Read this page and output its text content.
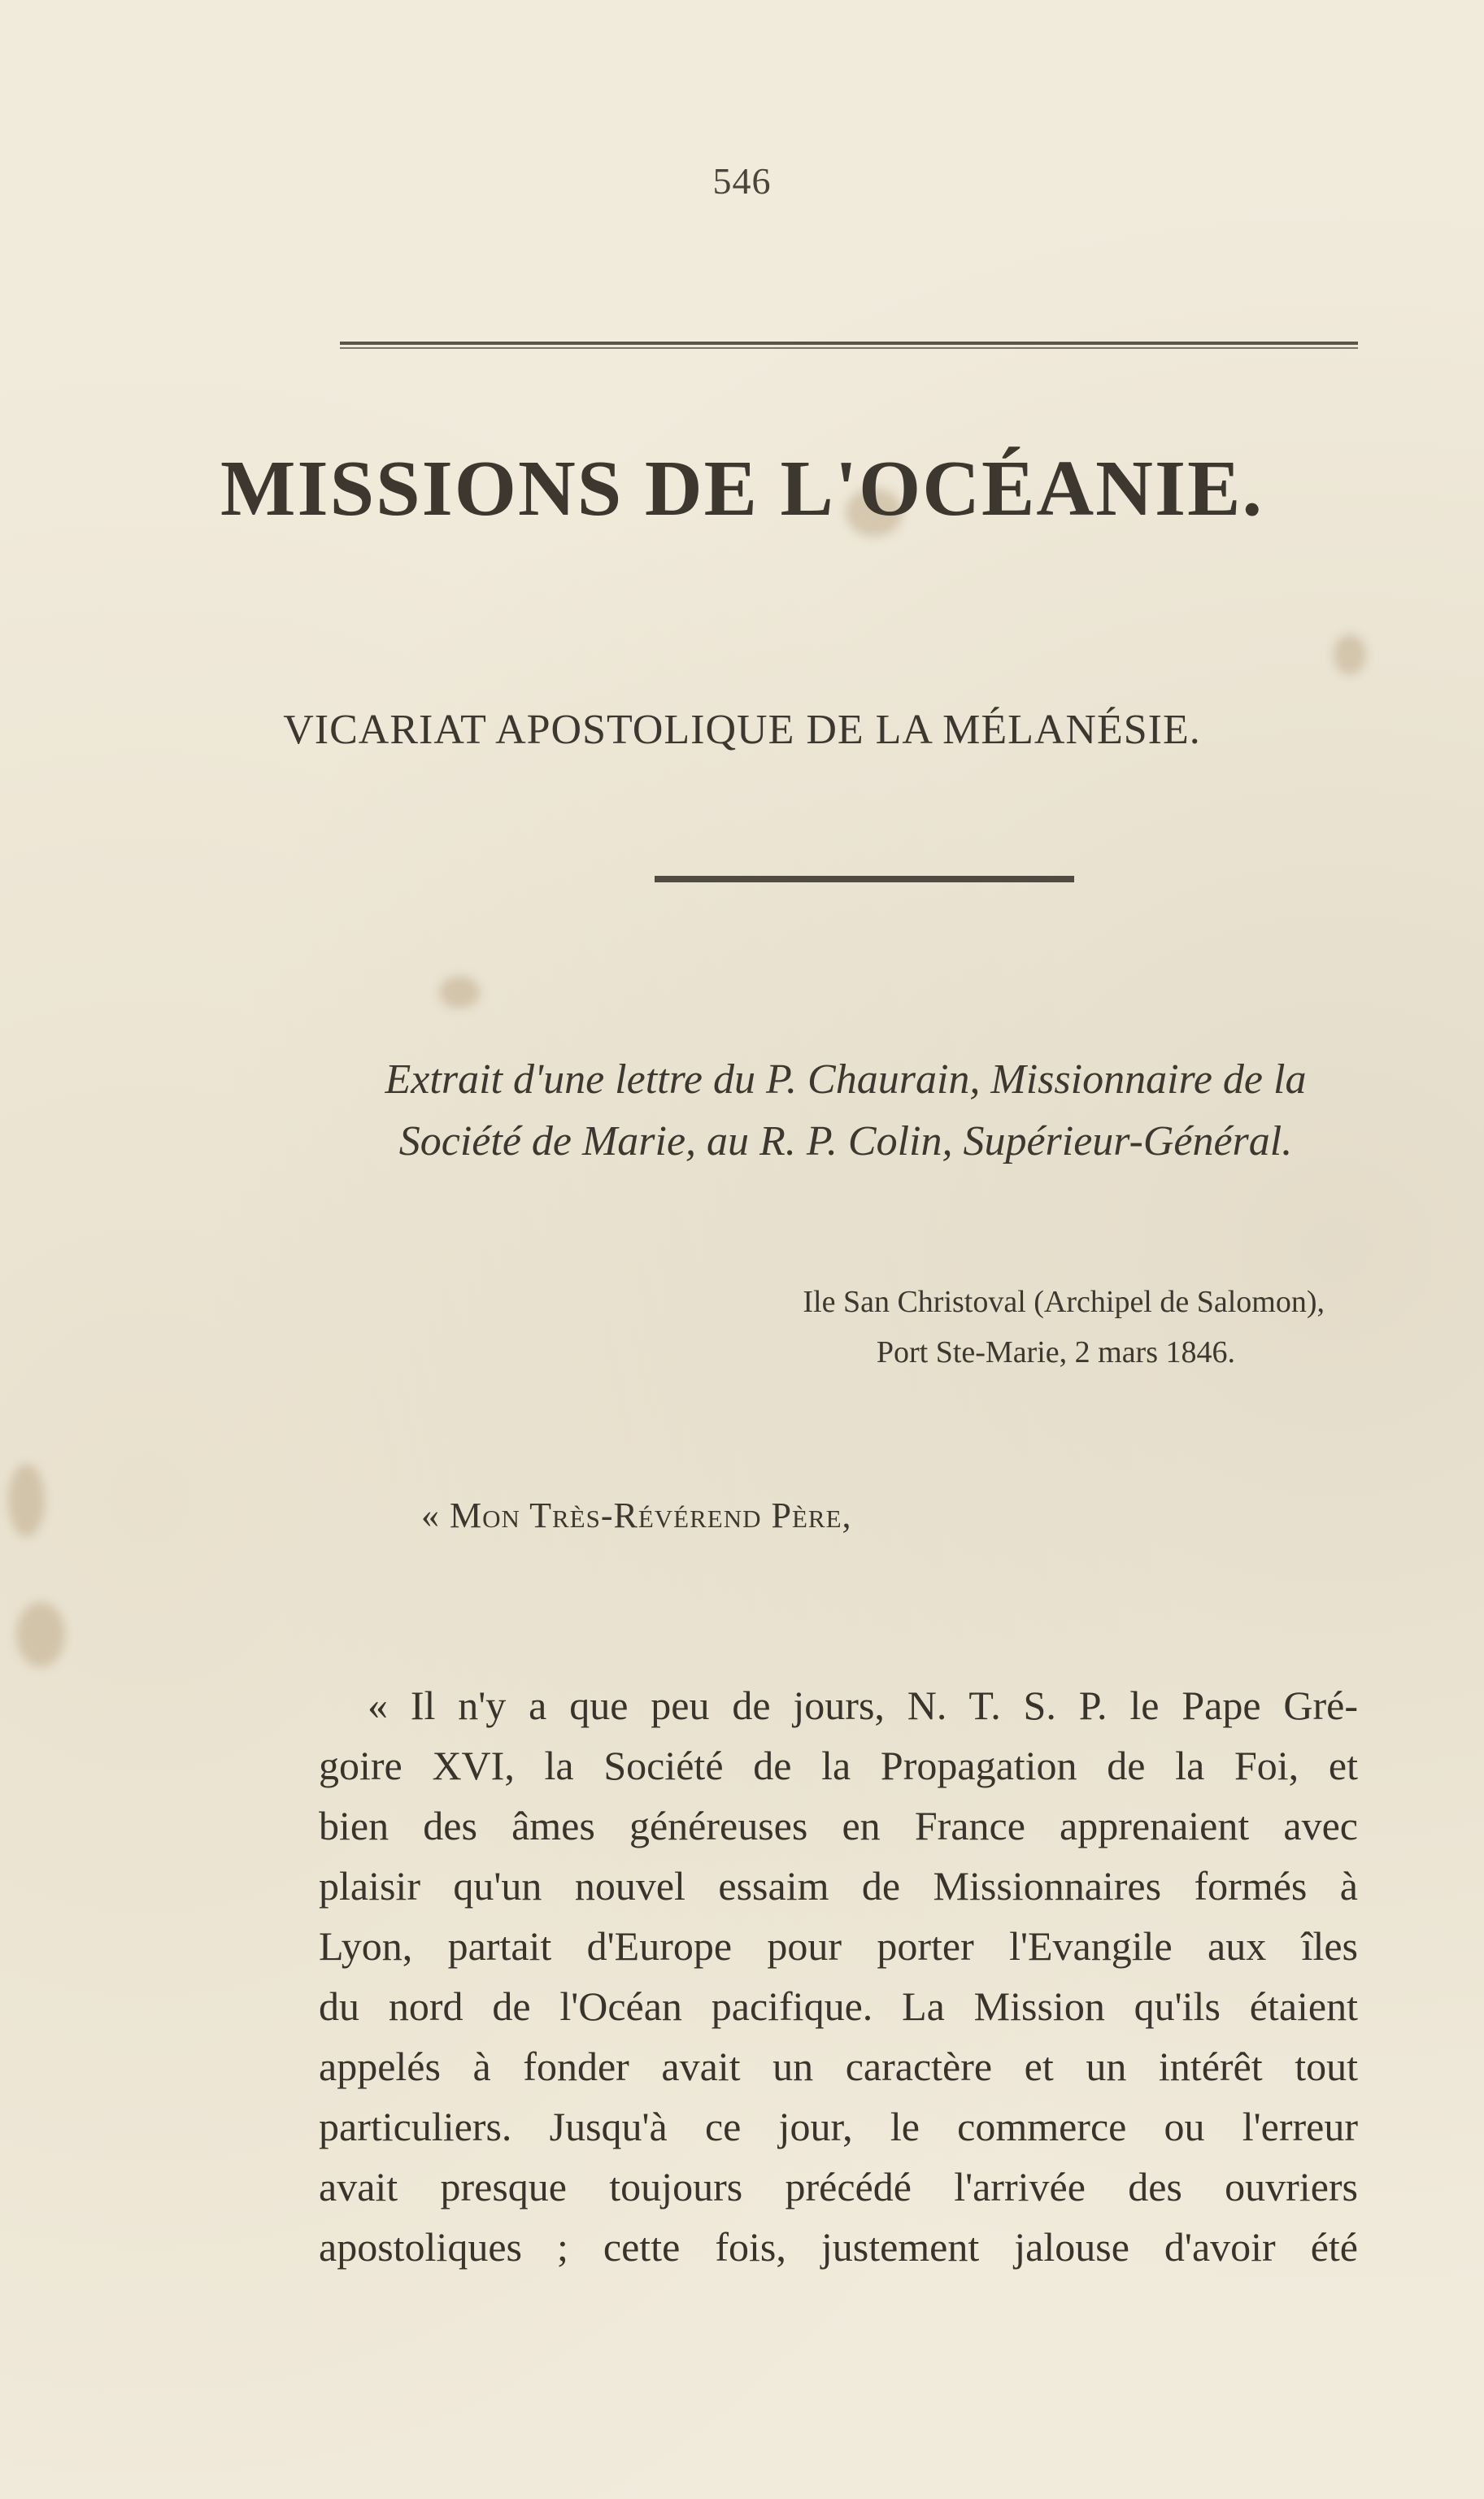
546
MISSIONS DE L'OCÉANIE.
VICARIAT APOSTOLIQUE DE LA MÉLANÉSIE.
Extrait d'une lettre du P. Chaurain, Missionnaire de la
Société de Marie, au R. P. Colin, Supérieur-Général.
Ile San Christoval (Archipel de Salomon),
Port Ste-Marie, 2 mars 1846.
« Mon Très-Révérend Père,
« Il n'y a que peu de jours, N. T. S. P. le Pape Gré-
goire XVI, la Société de la Propagation de la Foi, et
bien des âmes généreuses en France apprenaient avec
plaisir qu'un nouvel essaim de Missionnaires formés à
Lyon, partait d'Europe pour porter l'Evangile aux îles
du nord de l'Océan pacifique. La Mission qu'ils étaient
appelés à fonder avait un caractère et un intérêt tout
particuliers. Jusqu'à ce jour, le commerce ou l'erreur
avait presque toujours précédé l'arrivée des ouvriers
apostoliques ; cette fois, justement jalouse d'avoir été
